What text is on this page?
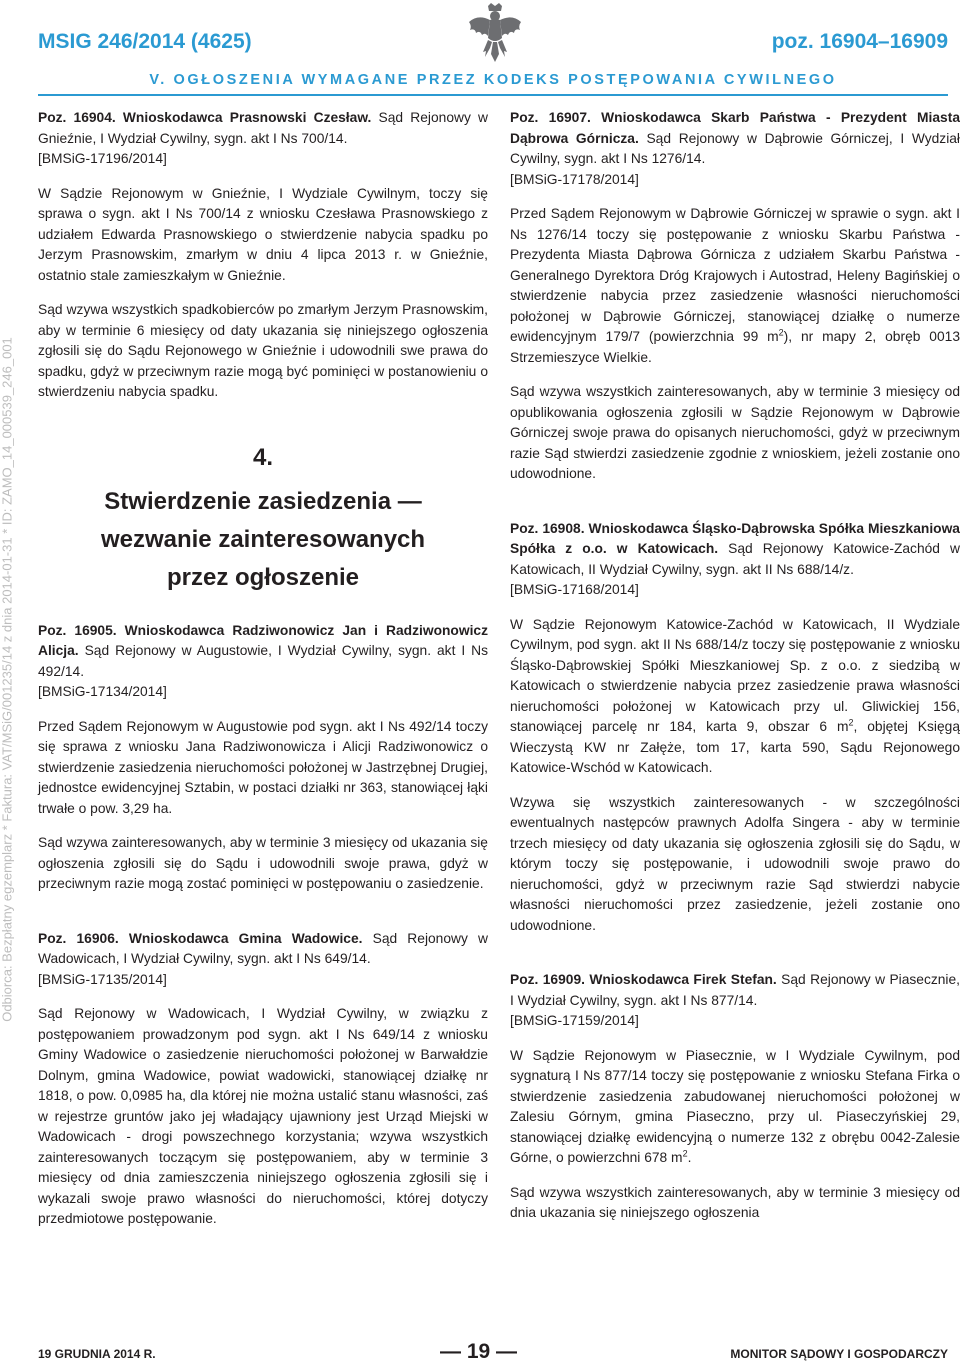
MSIG 246/2014 (4625)	poz. 16904–16909
V. OGŁOSZENIA WYMAGANE PRZEZ KODEKS POSTĘPOWANIA CYWILNEGO
Odbiorca: Bezpłatny egzemplarz * Faktura: VAT/MSiG/001235/14 z dnia 2014-01-31 * ID: ZAMO_14_000539_246_001
Poz. 16904. Wnioskodawca Prasnowski Czesław. Sąd Rejonowy w Gnieźnie, I Wydział Cywilny, sygn. akt I Ns 700/14.
[BMSiG-17196/2014]

W Sądzie Rejonowym w Gnieźnie, I Wydziale Cywilnym, toczy się sprawa o sygn. akt I Ns 700/14 z wniosku Czesława Prasnowskiego z udziałem Edwarda Prasnowskiego o stwierdzenie nabycia spadku po Jerzym Prasnowskim, zmarłym w dniu 4 lipca 2013 r. w Gnieźnie, ostatnio stale zamieszkałym w Gnieźnie.

Sąd wzywa wszystkich spadkobierców po zmarłym Jerzym Prasnowskim, aby w terminie 6 miesięcy od daty ukazania się niniejszego ogłoszenia zgłosili się do Sądu Rejonowego w Gnieźnie i udowodnili swe prawa do spadku, gdyż w przeciwnym razie mogą być pominięci w postanowieniu o stwierdzeniu nabycia spadku.

4.
Stwierdzenie zasiedzenia —
wezwanie zainteresowanych
przez ogłoszenie
Poz. 16905. Wnioskodawca Radziwonowicz Jan i Radziwonowicz Alicja. Sąd Rejonowy w Augustowie, I Wydział Cywilny, sygn. akt I Ns 492/14.
[BMSiG-17134/2014]

Przed Sądem Rejonowym w Augustowie pod sygn. akt I Ns 492/14 toczy się sprawa z wniosku Jana Radziwonowicza i Alicji Radziwonowicz o stwierdzenie zasiedzenia nieruchomości położonej w Jastrzębnej Drugiej, jednostce ewidencyjnej Sztabin, w postaci działki nr 363, stanowiącej łąki trwałe o pow. 3,29 ha.

Sąd wzywa zainteresowanych, aby w terminie 3 miesięcy od ukazania się ogłoszenia zgłosili się do Sądu i udowodnili swoje prawa, gdyż w przeciwnym razie mogą zostać pominięci w postępowaniu o zasiedzenie.

Poz. 16906. Wnioskodawca Gmina Wadowice. Sąd Rejonowy w Wadowicach, I Wydział Cywilny, sygn. akt I Ns 649/14.
[BMSiG-17135/2014]

Sąd Rejonowy w Wadowicach, I Wydział Cywilny, w związku z postępowaniem prowadzonym pod sygn. akt I Ns 649/14 z wniosku Gminy Wadowice o zasiedzenie nieruchomości położonej w Barwałdzie Dolnym, gmina Wadowice, powiat wadowicki, stanowiącej działkę nr 1818, o pow. 0,0985 ha, dla której nie można ustalić stanu własności, zaś w rejestrze gruntów jako jej władający ujawniony jest Urząd Miejski w Wadowicach - drogi powszechnego korzystania; wzywa wszystkich zainteresowanych toczącym się postępowaniem, aby w terminie 3 miesięcy od dnia zamieszczenia niniejszego ogłoszenia zgłosili się i wykazali swoje prawo własności do nieruchomości, której dotyczy przedmiotowe postępowanie.

Poz. 16907. Wnioskodawca Skarb Państwa - Prezydent Miasta Dąbrowa Górnicza. Sąd Rejonowy w Dąbrowie Górniczej, I Wydział Cywilny, sygn. akt I Ns 1276/14.
[BMSiG-17178/2014]

Przed Sądem Rejonowym w Dąbrowie Górniczej w sprawie o sygn. akt I Ns 1276/14 toczy się postępowanie z wniosku Skarbu Państwa - Prezydenta Miasta Dąbrowa Górnicza z udziałem Skarbu Państwa - Generalnego Dyrektora Dróg Krajowych i Autostrad, Heleny Bagińskiej o stwierdzenie nabycia przez zasiedzenie własności nieruchomości położonej w Dąbrowie Górniczej, stanowiącej działkę o numerze ewidencyjnym 179/7 (powierzchnia 99 $m^2$), nr mapy 2, obręb 0013 Strzemieszyce Wielkie.

Sąd wzywa wszystkich zainteresowanych, aby w terminie 3 miesięcy od opublikowania ogłoszenia zgłosili w Sądzie Rejonowym w Dąbrowie Górniczej swoje prawa do opisanych nieruchomości, gdyż w przeciwnym razie Sąd stwierdzi zasiedzenie zgodnie z wnioskiem, jeżeli zostanie ono udowodnione.

Poz. 16908. Wnioskodawca Śląsko-Dąbrowska Spółka Mieszkaniowa Spółka z o.o. w Katowicach. Sąd Rejonowy Katowice-Zachód w Katowicach, II Wydział Cywilny, sygn. akt II Ns 688/14/z.
[BMSiG-17168/2014]

W Sądzie Rejonowym Katowice-Zachód w Katowicach, II Wydziale Cywilnym, pod sygn. akt II Ns 688/14/z toczy się postępowanie z wniosku Śląsko-Dąbrowskiej Spółki Mieszkaniowej Sp. z o.o. z siedzibą w Katowicach o stwierdzenie nabycia przez zasiedzenie prawa własności nieruchomości położonej w Katowicach przy ul. Gliwickiej 156, stanowiącej parcelę nr 184, karta 9, obszar 6 $m^2$, objętej Księgą Wieczystą KW nr Załęże, tom 17, karta 590, Sądu Rejonowego Katowice-Wschód w Katowicach.

Wzywa się wszystkich zainteresowanych - w szczególności ewentualnych następców prawnych Adolfa Singera - aby w terminie trzech miesięcy od daty ukazania się ogłoszenia zgłosili się do Sądu, w którym toczy się postępowanie, i udowodnili swoje prawo do nieruchomości, gdyż w przeciwnym razie Sąd stwierdzi nabycie własności nieruchomości przez zasiedzenie, jeżeli zostanie ono udowodnione.

Poz. 16909. Wnioskodawca Firek Stefan. Sąd Rejonowy w Piasecznie, I Wydział Cywilny, sygn. akt I Ns 877/14.
[BMSiG-17159/2014]

W Sądzie Rejonowym w Piasecznie, w I Wydziale Cywilnym, pod sygnaturą I Ns 877/14 toczy się postępowanie z wniosku Stefana Firka o stwierdzenie zasiedzenia zabudowanej nieruchomości położonej w Zalesiu Górnym, gmina Piaseczno, przy ul. Piaseczyńskiej 29, stanowiącej działkę ewidencyjną o numerze 132 z obrębu 0042-Zalesie Górne, o powierzchni 678 $m^2$.

Sąd wzywa wszystkich zainteresowanych, aby w terminie 3 miesięcy od dnia ukazania się niniejszego ogłoszenia

19 GRUDNIA 2014 R.	— 19 —	MONITOR SĄDOWY I GOSPODARCZY
